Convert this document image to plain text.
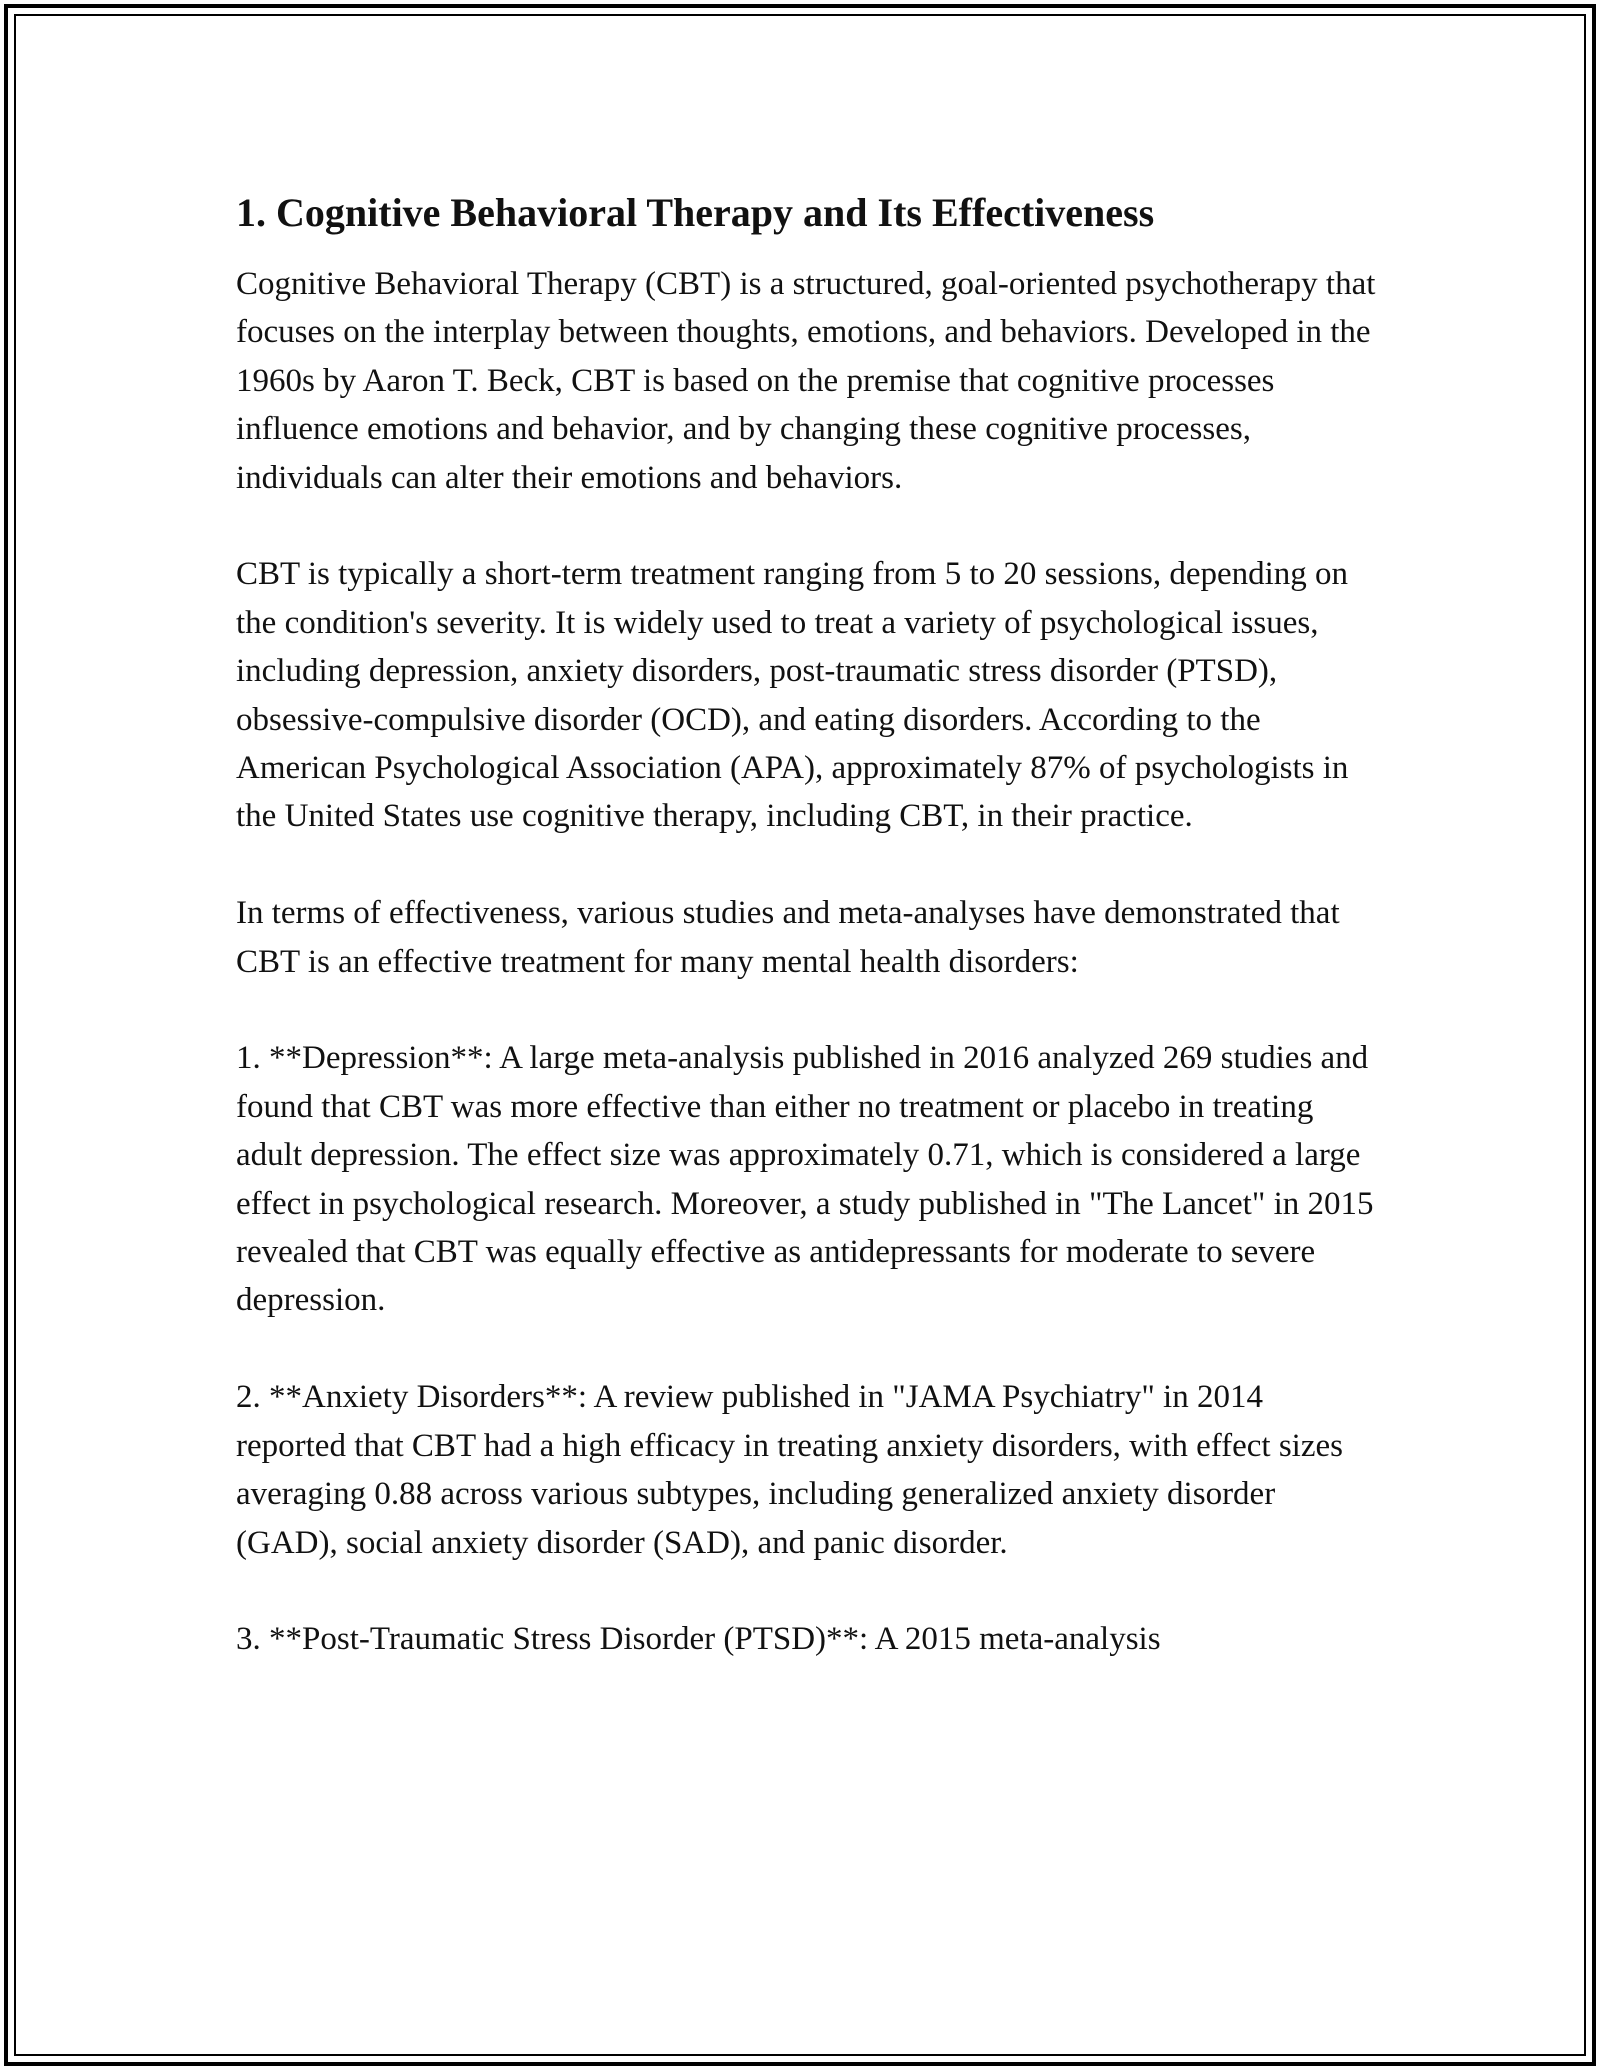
1. Cognitive Behavioral Therapy and Its Effectiveness

Cognitive Behavioral Therapy (CBT) is a structured, goal-oriented psychotherapy that focuses on the interplay between thoughts, emotions, and behaviors. Developed in the 1960s by Aaron T. Beck, CBT is based on the premise that cognitive processes influence emotions and behavior, and by changing these cognitive processes, individuals can alter their emotions and behaviors.

CBT is typically a short-term treatment ranging from 5 to 20 sessions, depending on the condition's severity. It is widely used to treat a variety of psychological issues, including depression, anxiety disorders, post-traumatic stress disorder (PTSD), obsessive-compulsive disorder (OCD), and eating disorders. According to the American Psychological Association (APA), approximately 87% of psychologists in the United States use cognitive therapy, including CBT, in their practice.

In terms of effectiveness, various studies and meta-analyses have demonstrated that CBT is an effective treatment for many mental health disorders:

1. **Depression**: A large meta-analysis published in 2016 analyzed 269 studies and found that CBT was more effective than either no treatment or placebo in treating adult depression. The effect size was approximately 0.71, which is considered a large effect in psychological research. Moreover, a study published in "The Lancet" in 2015 revealed that CBT was equally effective as antidepressants for moderate to severe depression.

2. **Anxiety Disorders**: A review published in "JAMA Psychiatry" in 2014 reported that CBT had a high efficacy in treating anxiety disorders, with effect sizes averaging 0.88 across various subtypes, including generalized anxiety disorder (GAD), social anxiety disorder (SAD), and panic disorder.

3. **Post-Traumatic Stress Disorder (PTSD)**: A 2015 meta-analysis
